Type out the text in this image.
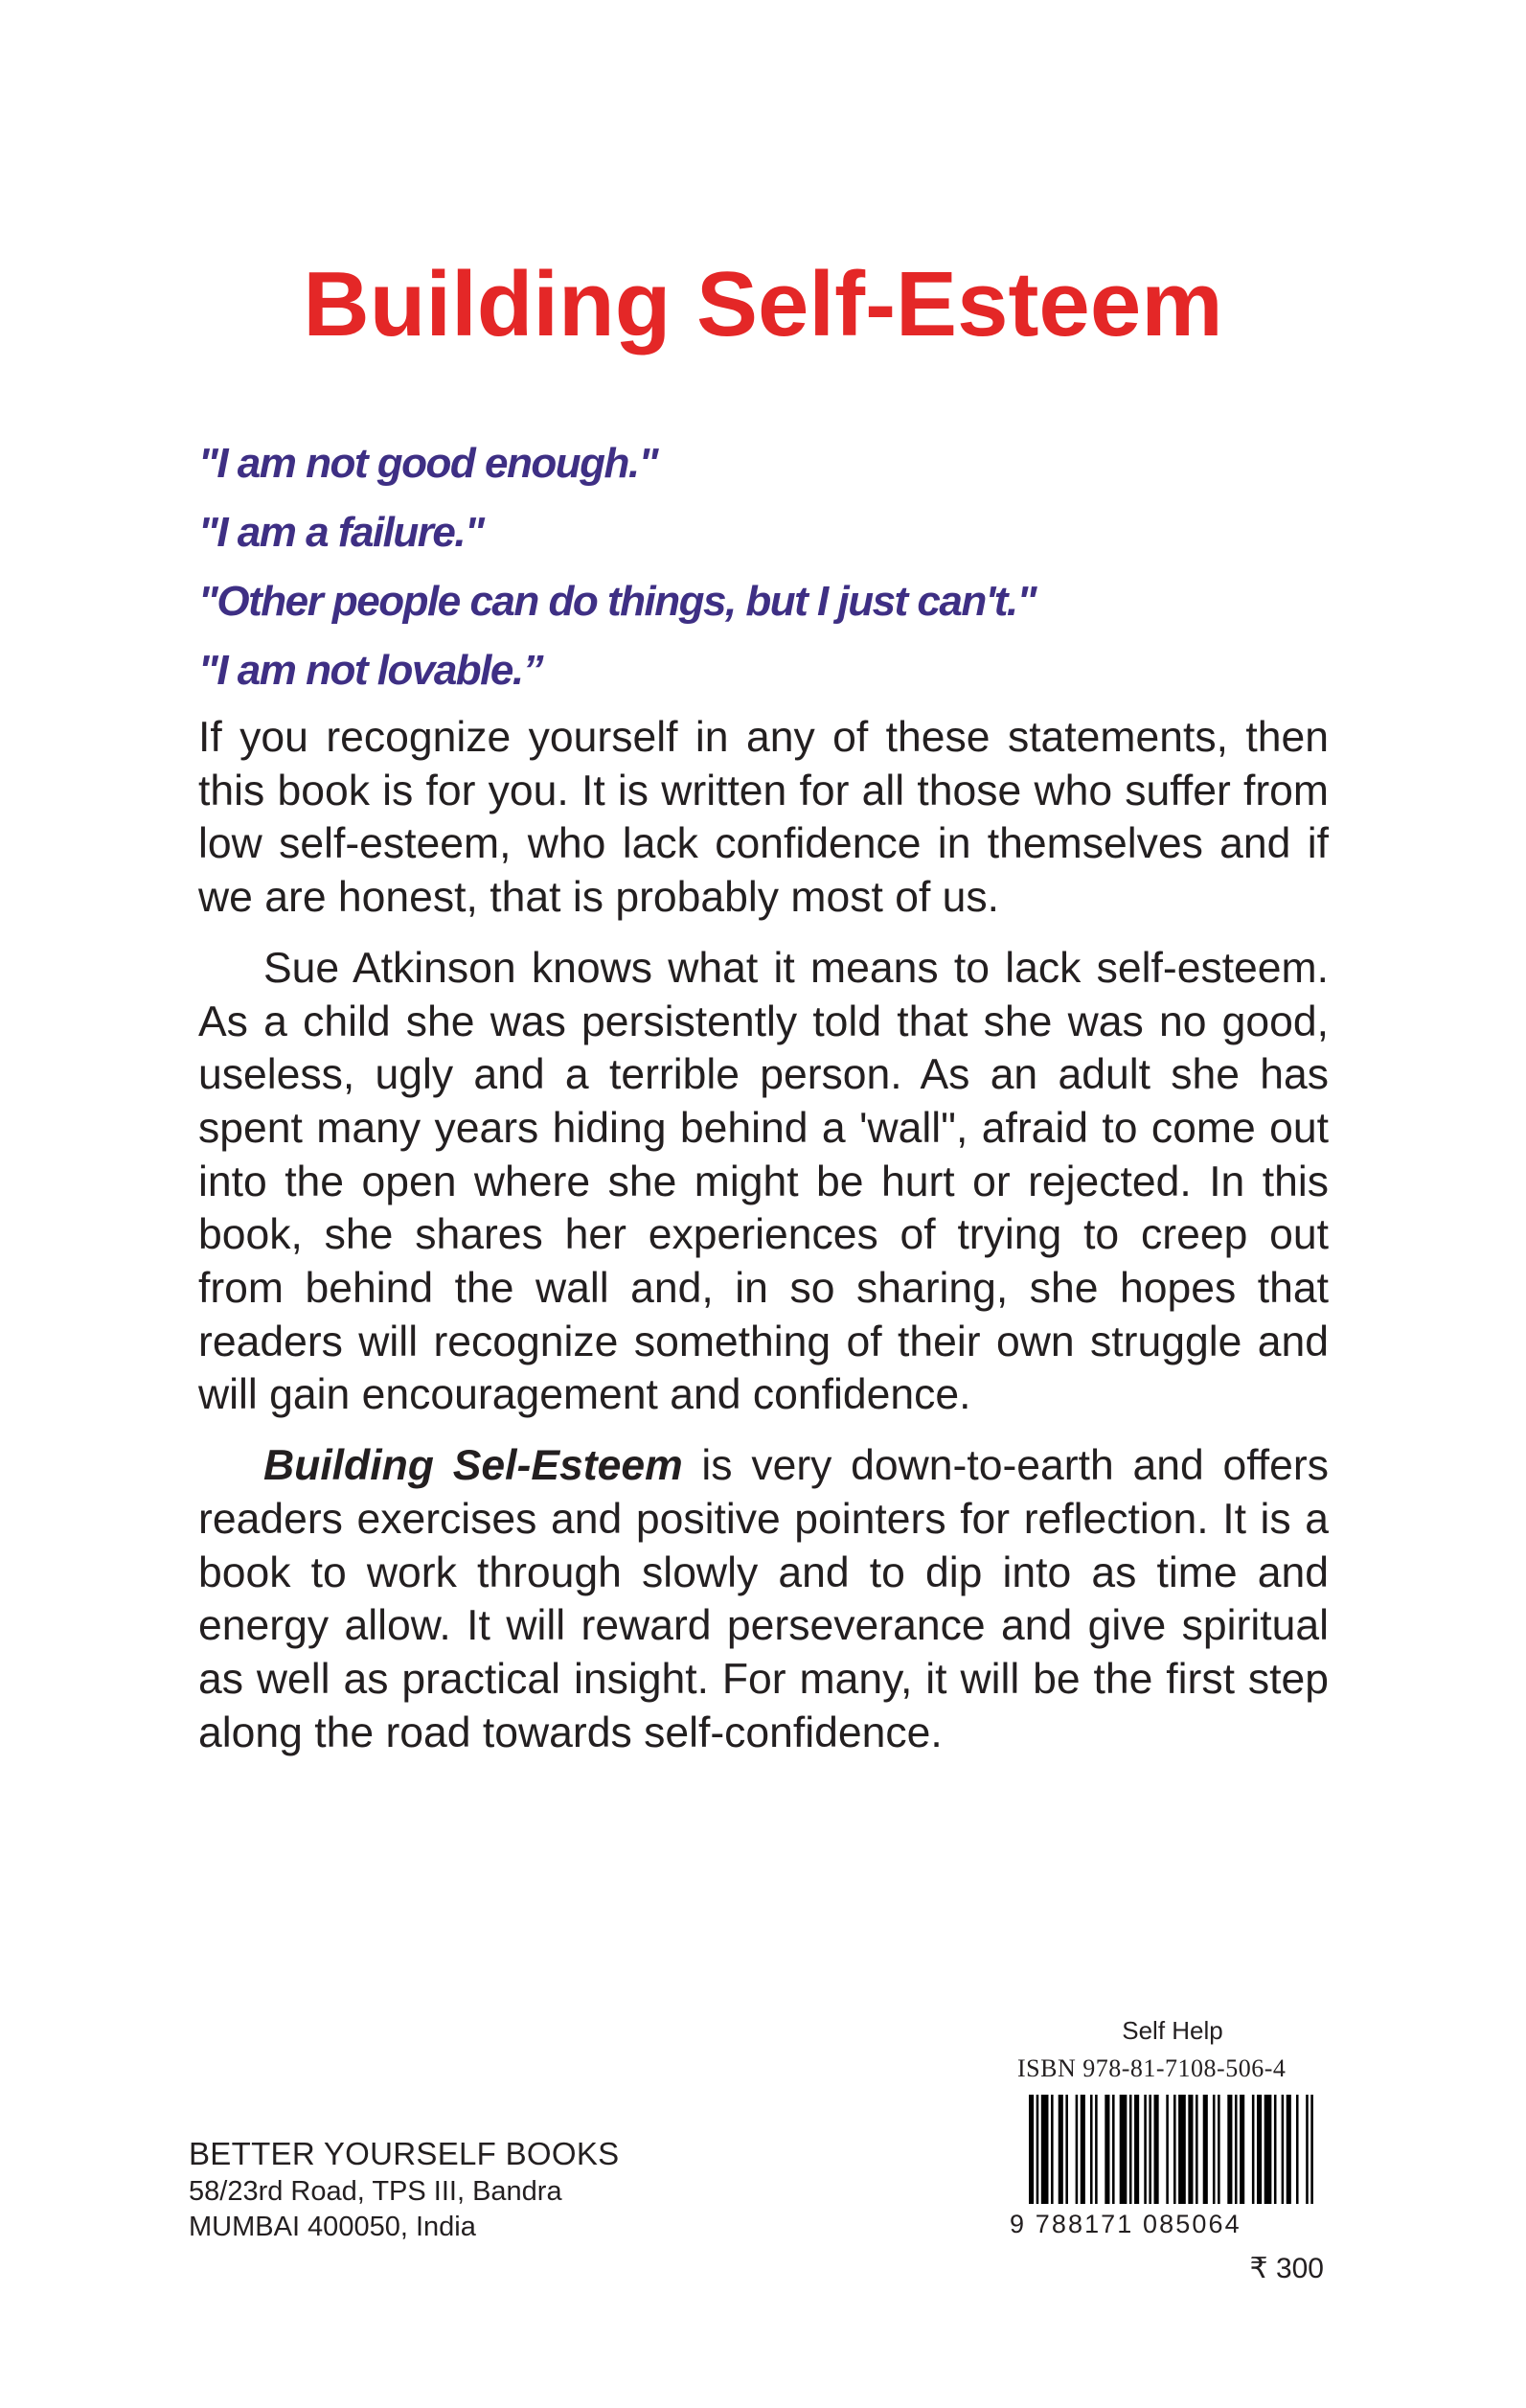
Building Self-Esteem
"I am not good enough."
"I am a failure."
"Other people can do things, but I just can't."
"I am not lovable.”

If you recognize yourself in any of these statements, then this book is for you. It is written for all those who suffer from low self-esteem, who lack confidence in themselves and if we are honest, that is probably most of us.

Sue Atkinson knows what it means to lack self-esteem. As a child she was persistently told that she was no good, useless, ugly and a terrible person. As an adult she has spent many years hiding behind a 'wall", afraid to come out into the open where she might be hurt or rejected. In this book, she shares her experiences of trying to creep out from behind the wall and, in so sharing, she hopes that readers will recognize something of their own struggle and will gain encouragement and confidence.

Building Sel-Esteem is very down-to-earth and offers readers exercises and positive pointers for reflection. It is a book to work through slowly and to dip into as time and energy allow. It will reward perseverance and give spiritual as well as practical insight. For many, it will be the first step along the road towards self-confidence.

BETTER YOURSELF BOOKS
58/23rd Road, TPS III, Bandra
MUMBAI 400050, India
Self Help
ISBN 978-81-7108-506-4
9 788171 085064
₹ 300
